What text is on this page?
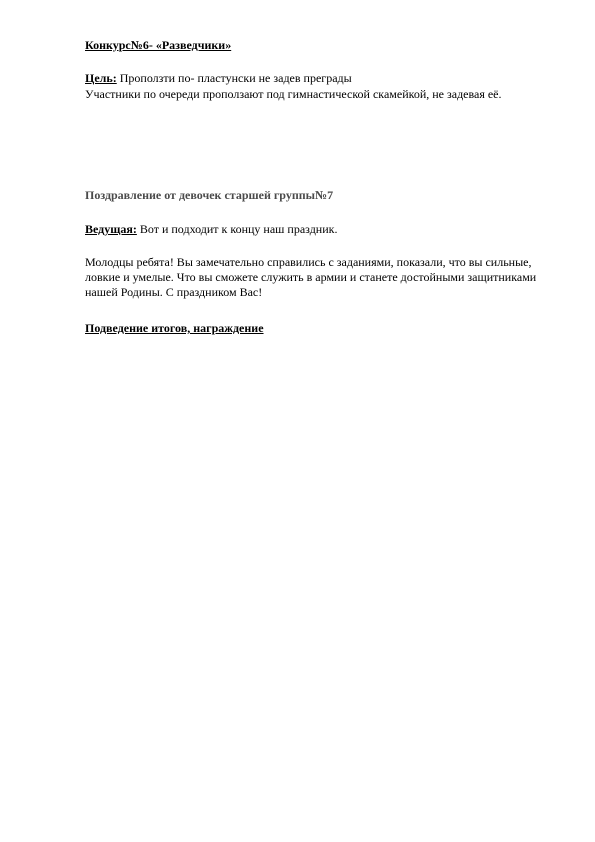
Конкурс№6- «Разведчики»

Цель: Проползти по- пластунски не задев преграды

Участники по очереди проползают под гимнастической скамейкой, не задевая её.

Поздравление от девочек старшей группы№7

Ведущая: Вот и подходит к концу наш праздник.

Молодцы ребята! Вы замечательно справились с заданиями, показали, что вы сильные, ловкие и умелые. Что вы сможете служить в армии и станете достойными защитниками нашей Родины. С праздником Вас!

Подведение итогов, награждение
